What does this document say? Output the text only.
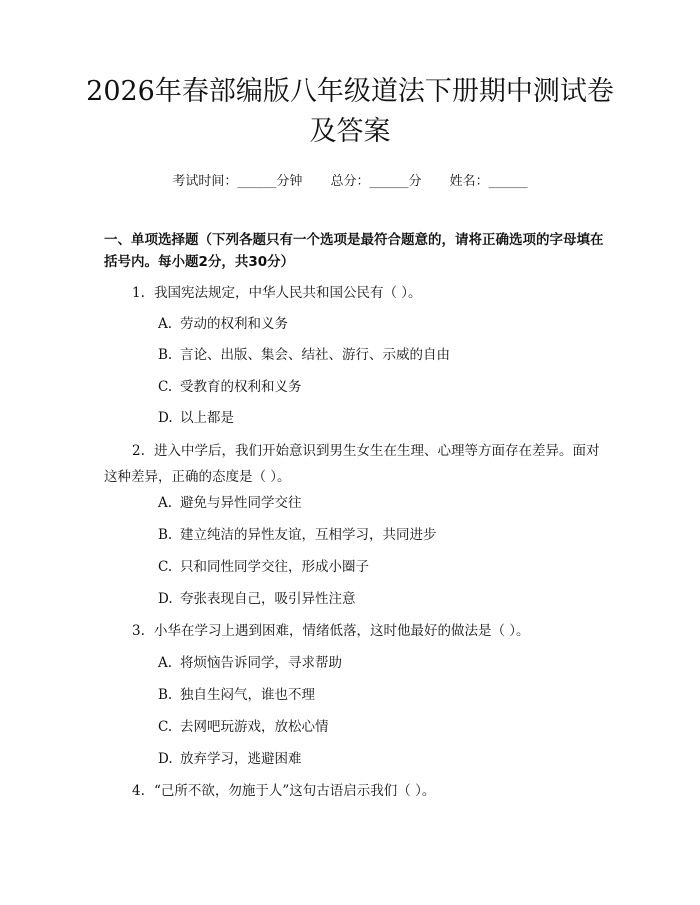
2026年春部编版八年级道法下册期中测试卷
及答案
考试时间：______分钟 总分：______分 姓名：______
一、单项选择题（下列各题只有一个选项是最符合题意的，请将正确选项的字母填在括号内。每小题2分，共30分）
1. 我国宪法规定，中华人民共和国公民有（ ）。
A. 劳动的权利和义务
B. 言论、出版、集会、结社、游行、示威的自由
C. 受教育的权利和义务
D. 以上都是
2. 进入中学后，我们开始意识到男生女生在生理、心理等方面存在差异。面对这种差异，正确的态度是（ ）。
A. 避免与异性同学交往
B. 建立纯洁的异性友谊，互相学习，共同进步
C. 只和同性同学交往，形成小圈子
D. 夸张表现自己，吸引异性注意
3. 小华在学习上遇到困难，情绪低落，这时他最好的做法是（ ）。
A. 将烦恼告诉同学，寻求帮助
B. 独自生闷气，谁也不理
C. 去网吧玩游戏，放松心情
D. 放弃学习，逃避困难
4. “己所不欲，勿施于人”这句古语启示我们（ ）。
